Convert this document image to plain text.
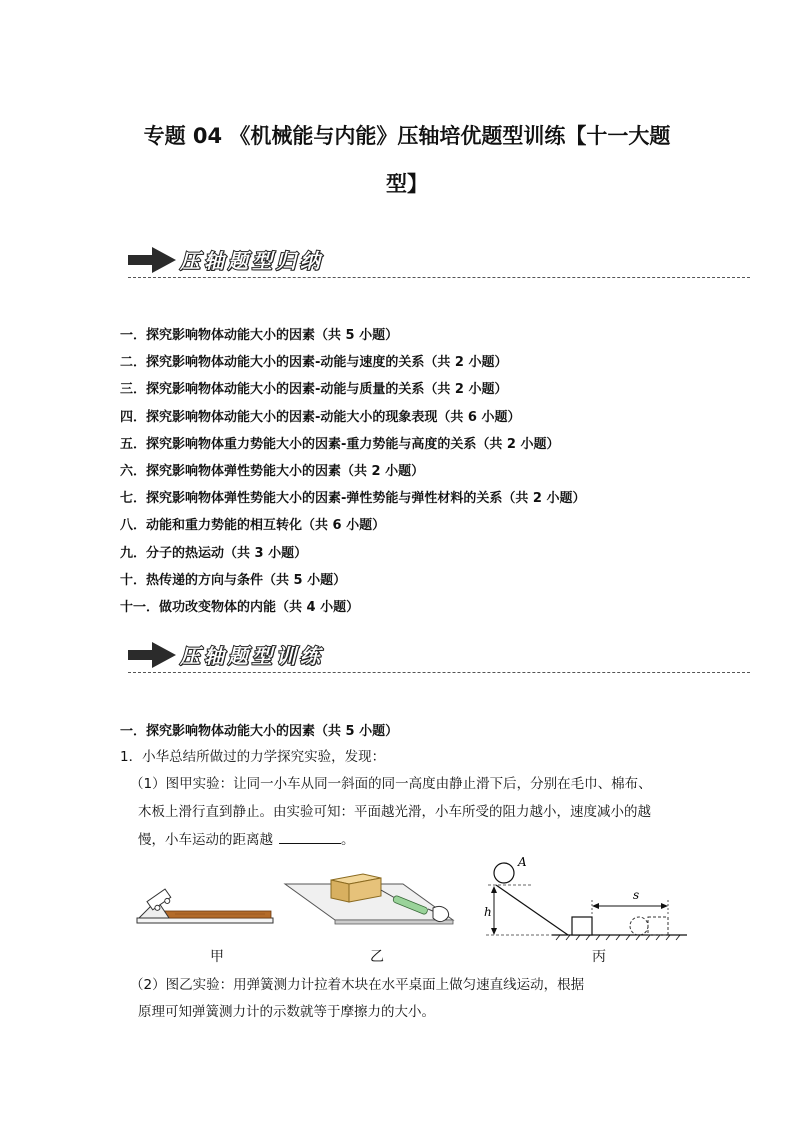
专题 04 《机械能与内能》压轴培优题型训练【十一大题
型】
压轴题型归纳
一．探究影响物体动能大小的因素（共 5 小题）
二．探究影响物体动能大小的因素-动能与速度的关系（共 2 小题）
三．探究影响物体动能大小的因素-动能与质量的关系（共 2 小题）
四．探究影响物体动能大小的因素-动能大小的现象表现（共 6 小题）
五．探究影响物体重力势能大小的因素-重力势能与高度的关系（共 2 小题）
六．探究影响物体弹性势能大小的因素（共 2 小题）
七．探究影响物体弹性势能大小的因素-弹性势能与弹性材料的关系（共 2 小题）
八．动能和重力势能的相互转化（共 6 小题）
九．分子的热运动（共 3 小题）
十．热传递的方向与条件（共 5 小题）
十一．做功改变物体的内能（共 4 小题）
压轴题型训练
一．探究影响物体动能大小的因素（共 5 小题）
1．小华总结所做过的力学探究实验，发现：
（1）图甲实验：让同一小车从同一斜面的同一高度由静止滑下后，分别在毛巾、棉布、
木板上滑行直到静止。由实验可知：平面越光滑，小车所受的阻力越小，速度减小的越
慢，小车运动的距离越	。
A
h
s
甲	乙	丙
（2）图乙实验：用弹簧测力计拉着木块在水平桌面上做匀速直线运动，根据
原理可知弹簧测力计的示数就等于摩擦力的大小。
